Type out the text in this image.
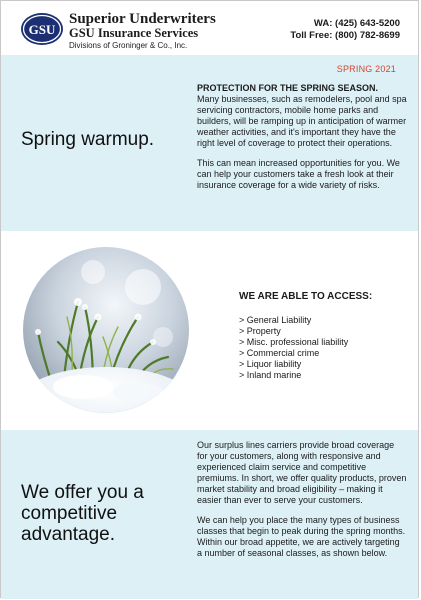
GSU
Superior Underwriters
GSU Insurance Services
Divisions of Groninger & Co., Inc.
WA: (425) 643-5200
Toll Free: (800) 782-8699
SPRING 2021
Spring warmup.
PROTECTION FOR THE SPRING SEASON.

Many businesses, such as remodelers, pool and spa servicing contractors, mobile home parks and builders, will be ramping up in anticipation of warmer weather activities, and it's important they have the right level of coverage to protect their operations.

This can mean increased opportunities for you. We can help your customers take a fresh look at their insurance coverage for a wide variety of risks.

WE ARE ABLE TO ACCESS:
> General Liability
> Property
> Misc. professional liability
> Commercial crime
> Liquor liability
> Inland marine
We offer you a competitive advantage.

Our surplus lines carriers provide broad coverage for your customers, along with responsive and experienced claim service and competitive premiums. In short, we offer quality products, proven market stability and broad eligibility – making it easier than ever to serve your customers.

We can help you place the many types of business classes that begin to peak during the spring months. Within our broad appetite, we are actively targeting a number of seasonal classes, as shown below.
